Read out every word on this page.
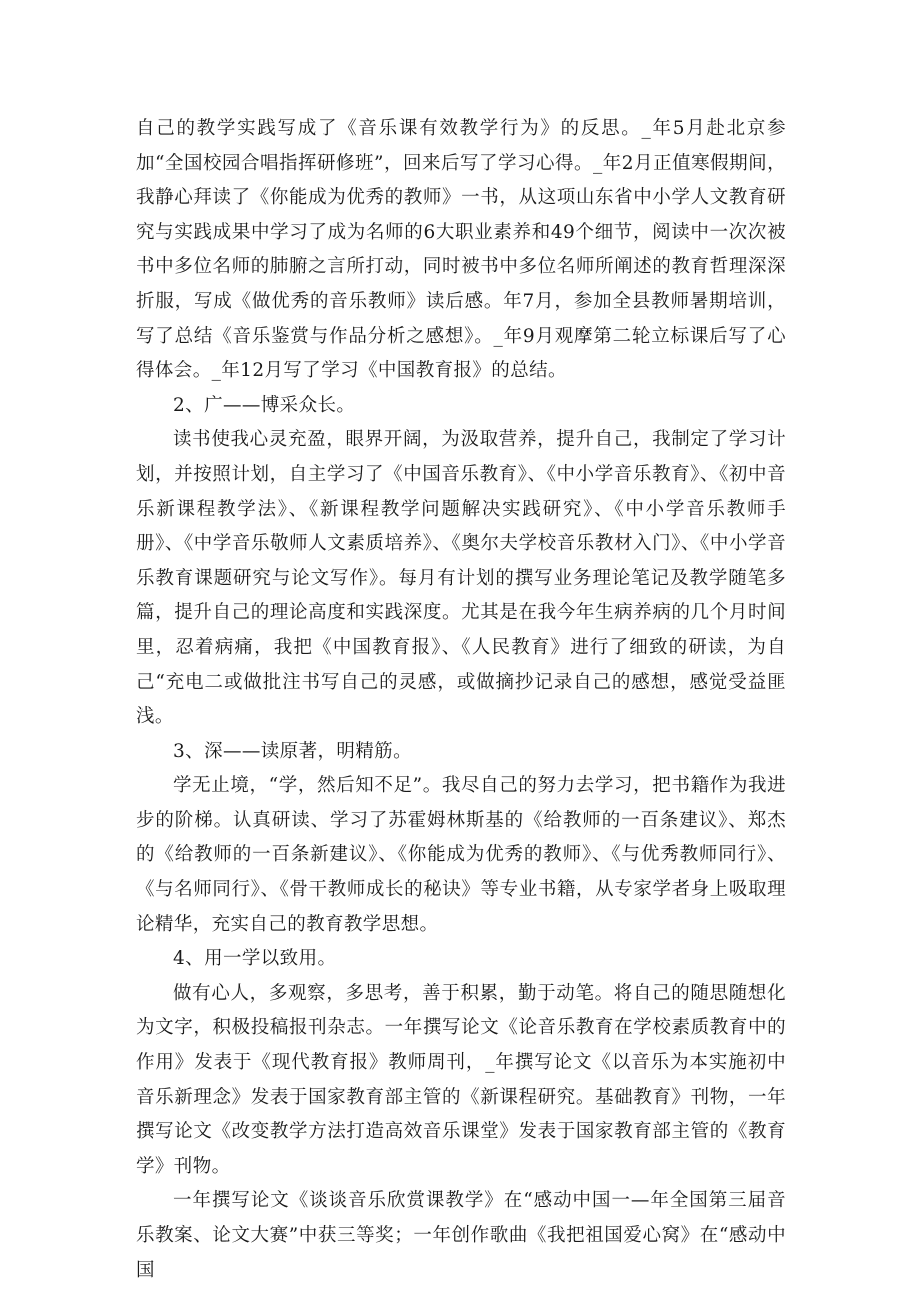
自己的教学实践写成了《音乐课有效教学行为》的反思。_年5月赴北京参加“全国校园合唱指挥研修班”，回来后写了学习心得。_年2月正值寒假期间，我静心拜读了《你能成为优秀的教师》一书，从这项山东省中小学人文教育研究与实践成果中学习了成为名师的6大职业素养和49个细节，阅读中一次次被书中多位名师的肺腑之言所打动，同时被书中多位名师所阐述的教育哲理深深折服，写成《做优秀的音乐教师》读后感。年7月，参加全县教师暑期培训，写了总结《音乐鉴赏与作品分析之感想》。_年9月观摩第二轮立标课后写了心得体会。_年12月写了学习《中国教育报》的总结。

2、广——博采众长。

读书使我心灵充盈，眼界开阔，为汲取营养，提升自己，我制定了学习计划，并按照计划，自主学习了《中国音乐教育》、《中小学音乐教育》、《初中音乐新课程教学法》、《新课程教学问题解决实践研究》、《中小学音乐教师手册》、《中学音乐敬师人文素质培养》、《奥尔夫学校音乐教材入门》、《中小学音乐教育课题研究与论文写作》。每月有计划的撰写业务理论笔记及教学随笔多篇，提升自己的理论高度和实践深度。尤其是在我今年生病养病的几个月时间里，忍着病痛，我把《中国教育报》、《人民教育》进行了细致的研读，为自己“充电二或做批注书写自己的灵感，或做摘抄记录自己的感想，感觉受益匪浅。

3、深——读原著，明精筋。

学无止境，“学，然后知不足”。我尽自己的努力去学习，把书籍作为我进步的阶梯。认真研读、学习了苏霍姆林斯基的《给教师的一百条建议》、郑杰的《给教师的一百条新建议》、《你能成为优秀的教师》、《与优秀教师同行》、《与名师同行》、《骨干教师成长的秘诀》等专业书籍，从专家学者身上吸取理论精华，充实自己的教育教学思想。

4、用一学以致用。

做有心人，多观察，多思考，善于积累，勤于动笔。将自己的随思随想化为文字，积极投稿报刊杂志。一年撰写论文《论音乐教育在学校素质教育中的作用》发表于《现代教育报》教师周刊，_年撰写论文《以音乐为本实施初中音乐新理念》发表于国家教育部主管的《新课程研究。基础教育》刊物，一年撰写论文《改变教学方法打造高效音乐课堂》发表于国家教育部主管的《教育学》刊物。

一年撰写论文《谈谈音乐欣赏课教学》在“感动中国一—年全国第三届音乐教案、论文大赛”中获三等奖；一年创作歌曲《我把祖国爱心窝》在“感动中国
